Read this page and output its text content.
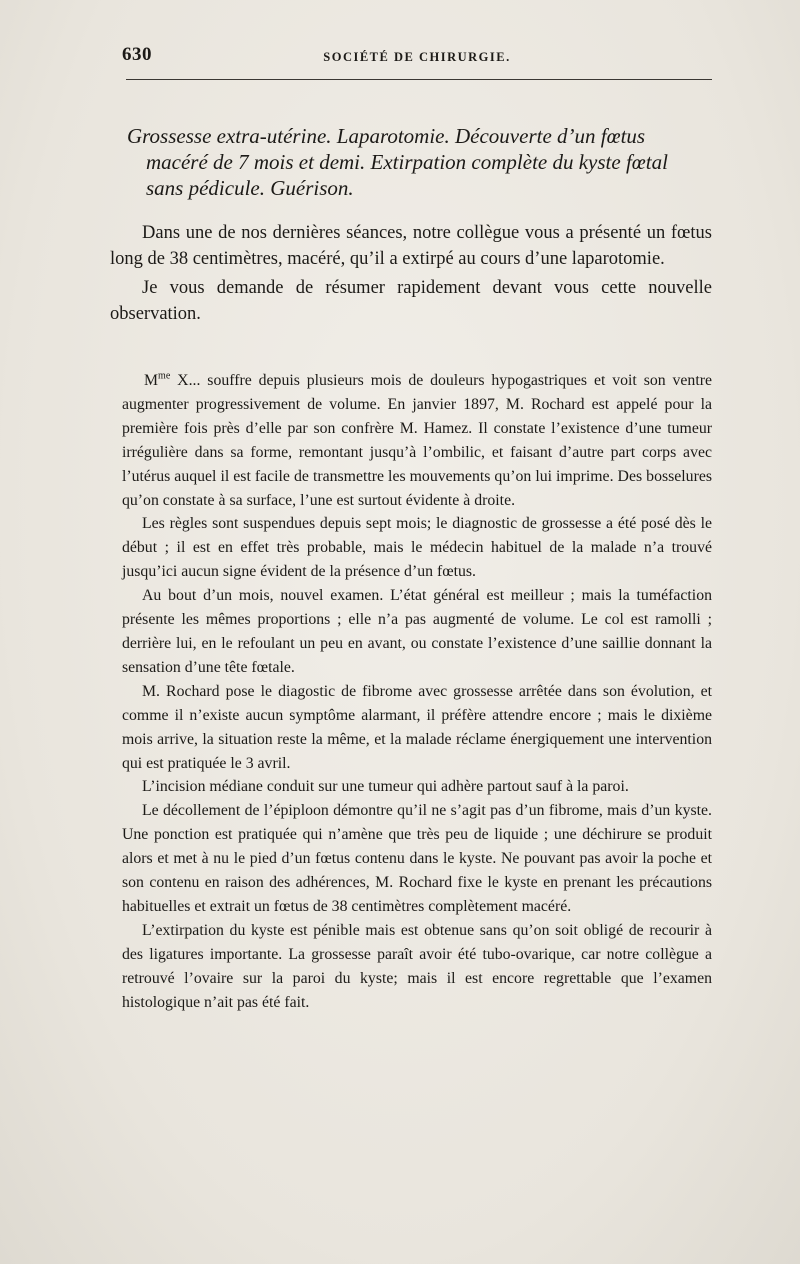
630	SOCIÉTÉ DE CHIRURGIE.
Grossesse extra-utérine. Laparotomie. Découverte d’un fœtus
macéré de 7 mois et demi. Extirpation complète du kyste fœtal
sans pédicule. Guérison.

Dans une de nos dernières séances, notre collègue vous a présenté un fœtus long de 38 centimètres, macéré, qu’il a extirpé au cours d’une laparotomie.

Je vous demande de résumer rapidement devant vous cette nouvelle observation.

$M^{me}$ X... souffre depuis plusieurs mois de douleurs hypogastriques et voit son ventre augmenter progressivement de volume. En janvier 1897, M. Rochard est appelé pour la première fois près d’elle par son confrère M. Hamez. Il constate l’existence d’une tumeur irrégulière dans sa forme, remontant jusqu’à l’ombilic, et faisant d’autre part corps avec l’utérus auquel il est facile de transmettre les mouvements qu’on lui imprime. Des bosselures qu’on constate à sa surface, l’une est surtout évidente à droite.

Les règles sont suspendues depuis sept mois; le diagnostic de grossesse a été posé dès le début ; il est en effet très probable, mais le médecin habituel de la malade n’a trouvé jusqu’ici aucun signe évident de la présence d’un fœtus.

Au bout d’un mois, nouvel examen. L’état général est meilleur ; mais la tuméfaction présente les mêmes proportions ; elle n’a pas augmenté de volume. Le col est ramolli ; derrière lui, en le refoulant un peu en avant, ou constate l’existence d’une saillie donnant la sensation d’une tête fœtale.

M. Rochard pose le diagostic de fibrome avec grossesse arrêtée dans son évolution, et comme il n’existe aucun symptôme alarmant, il préfère attendre encore ; mais le dixième mois arrive, la situation reste la même, et la malade réclame énergiquement une intervention qui est pratiquée le 3 avril.

L’incision médiane conduit sur une tumeur qui adhère partout sauf à la paroi.

Le décollement de l’épiploon démontre qu’il ne s’agit pas d’un fibrome, mais d’un kyste. Une ponction est pratiquée qui n’amène que très peu de liquide ; une déchirure se produit alors et met à nu le pied d’un fœtus contenu dans le kyste. Ne pouvant pas avoir la poche et son contenu en raison des adhérences, M. Rochard fixe le kyste en prenant les précautions habituelles et extrait un fœtus de 38 centimètres complètement macéré.

L’extirpation du kyste est pénible mais est obtenue sans qu’on soit obligé de recourir à des ligatures importante. La grossesse paraît avoir été tubo-ovarique, car notre collègue a retrouvé l’ovaire sur la paroi du kyste; mais il est encore regrettable que l’examen histologique n’ait pas été fait.
